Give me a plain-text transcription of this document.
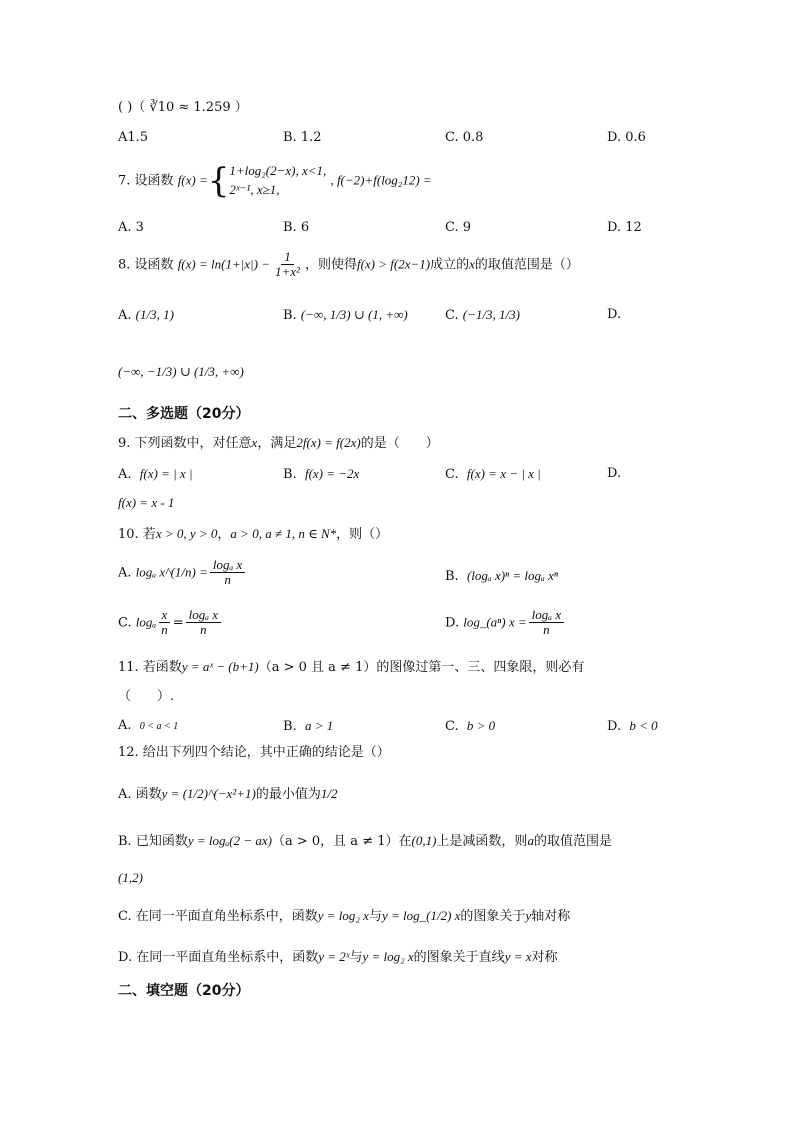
( )（ ∛10 ≈ 1.259 ）
A1.5	B. 1.2	C. 0.8	D. 0.6
7. 设函数 f(x) ={ 1+log₂(2−x), x<1,
2ˣ⁻¹, x≥1,
, f(−2)+f(log₂12) =
A. 3	B. 6	C. 9	D. 12
8. 设函数 $f(x) = \ln(1+|x|) - \frac{1}{\text{1+x²}}$ ，则使得f(x) > f(2x−1)成立的x的取值范围是（）
A. (1/3, 1)	B. (−∞, 1/3) ∪ (1, +∞)	C. (−1/3, 1/3)	D.
(−∞, −1/3) ∪ (1/3, +∞)
二、多选题（20分）
9. 下列函数中，对任意x，满足2f(x) = f(2x)的是（　　）
A. f(x) = | x |	B. f(x) = −2x	C. f(x) = x − | x |	D.
f(x) = x - 1
10. 若x > 0, y > 0，a > 0, a ≠ 1, n ∈ N*，则（）
A. logₐ x^(1/n) = $\frac{\text{logₐ x}}{n}$	B. (logₐ x)ⁿ = logₐ xⁿ
C. logₐ $\frac{x}{n} = \frac{\text{logₐ x}}{n}$	D. log_(aⁿ) $x = \frac{\text{logₐ x}}{n}$
11. 若函数y = aˣ − (b+1)（a > 0 且 a ≠ 1）的图像过第一、三、四象限，则必有
（　　）.
A. 0 < a < 1	B. a > 1	C. b > 0	D. b < 0
12. 给出下列四个结论，其中正确的结论是（）
A. 函数y = (1/2)^(−x²+1)的最小值为1/2
B. 已知函数y = logₐ(2 − ax)（a > 0，且 a ≠ 1）在(0,1)上是减函数，则a的取值范围是
(1,2)
C. 在同一平面直角坐标系中，函数y = log₂ x与y = log_(1/2) x的图象关于y轴对称
D. 在同一平面直角坐标系中，函数y = 2ˣ与y = log₂ x的图象关于直线y = x对称
二、填空题（20分）
